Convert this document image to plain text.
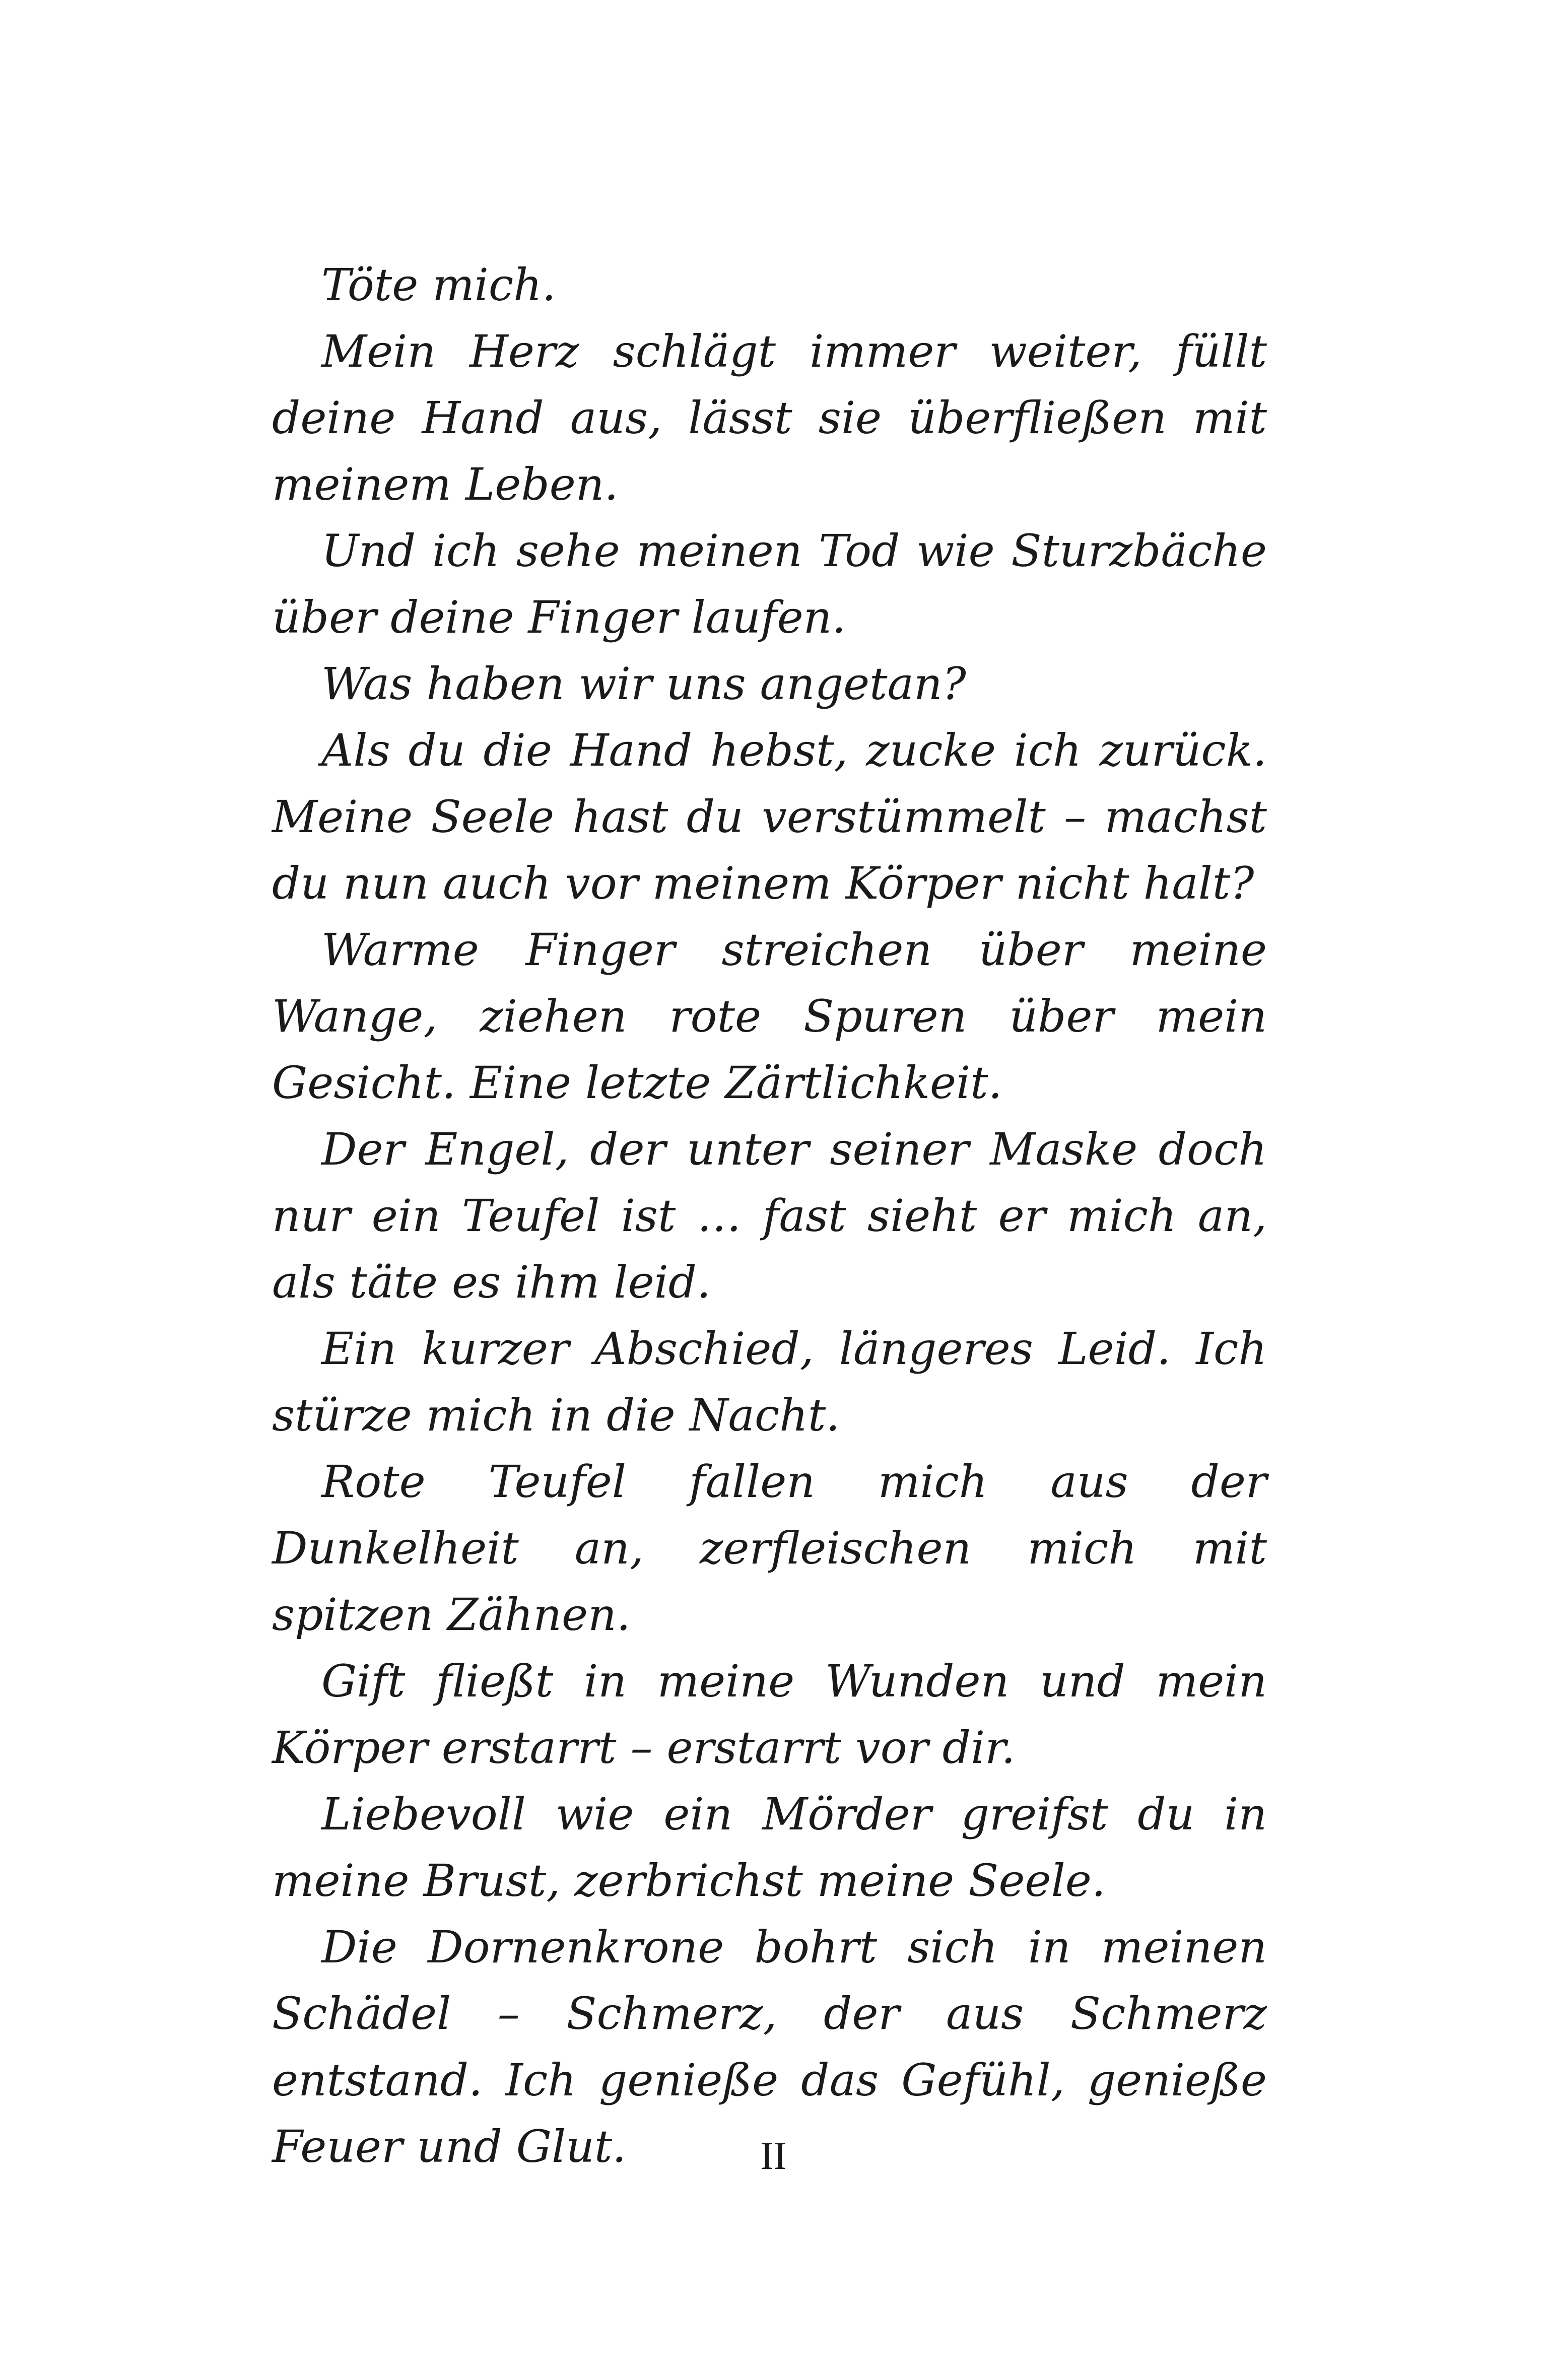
Töte mich.

Mein Herz schlägt immer weiter, füllt deine Hand aus, lässt sie überfließen mit meinem Leben.

Und ich sehe meinen Tod wie Sturzbäche über deine Finger laufen.

Was haben wir uns angetan?

Als du die Hand hebst, zucke ich zurück. Meine Seele hast du verstümmelt – machst du nun auch vor meinem Körper nicht halt?

Warme Finger streichen über meine Wange, ziehen rote Spuren über mein Gesicht. Eine letzte Zärtlichkeit.

Der Engel, der unter seiner Maske doch nur ein Teufel ist … fast sieht er mich an, als täte es ihm leid.

Ein kurzer Abschied, längeres Leid. Ich stürze mich in die Nacht.

Rote Teufel fallen mich aus der Dunkelheit an, zerfleischen mich mit spitzen Zähnen.

Gift fließt in meine Wunden und mein Körper erstarrt – erstarrt vor dir.

Liebevoll wie ein Mörder greifst du in meine Brust, zerbrichst meine Seele.

Die Dornenkrone bohrt sich in meinen Schädel – Schmerz, der aus Schmerz entstand. Ich genieße das Gefühl, genieße Feuer und Glut.	II
